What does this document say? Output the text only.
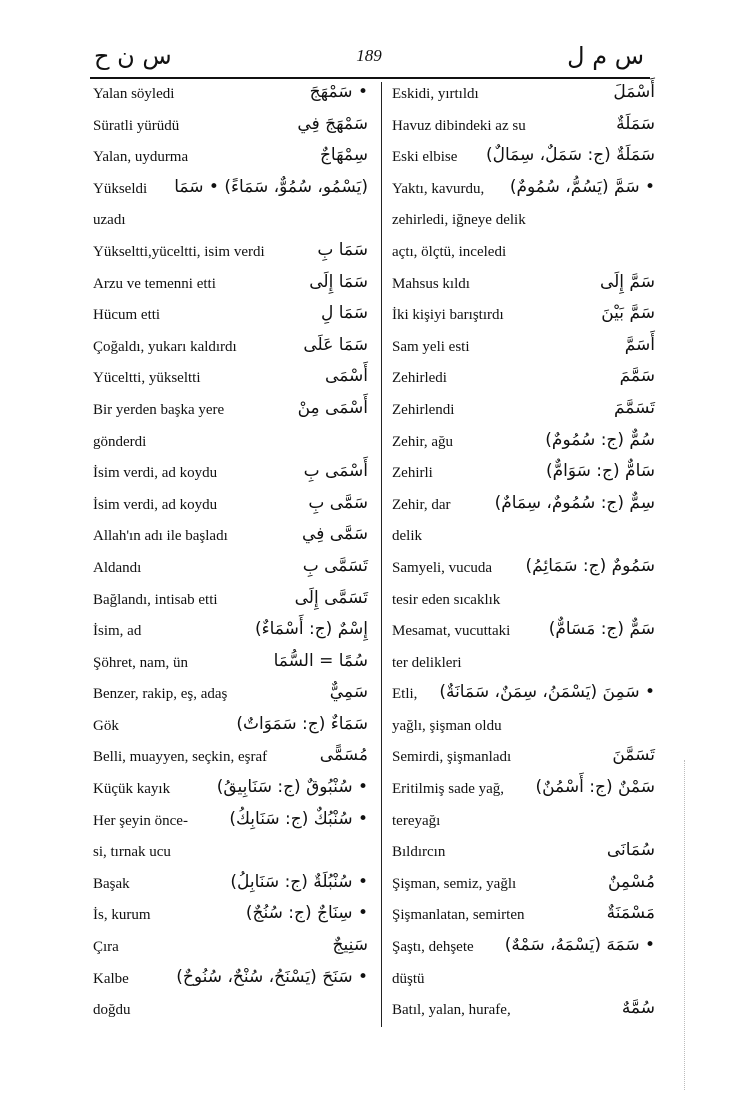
س ن ح	189	س م ل
Yalan söyledi	• سَمْهَجَ
Süratli yürüdü	سَمْهَجَ فِي
Yalan, uydurma	سِمْهَاجٌ
Yükseldi (يَسْمُو، سُمُوٌّ، سَمَاءً) • سَمَا
uzadı
Yükseltti,yüceltti, isim verdi	سَمَا بِ
Arzu ve temenni etti	سَمَا إِلَى
Hücum etti	سَمَا لِ
Çoğaldı, yukarı kaldırdı	سَمَا عَلَى
Yüceltti, yükseltti	أَسْمَى
Bir yerden başka yere	أَسْمَى مِنْ
gönderdi
İsim verdi, ad koydu	أَسْمَى بِ
İsim verdi, ad koydu	سَمَّى بِ
Allah'ın adı ile başladı	سَمَّى فِي
Aldandı	تَسَمَّى بِ
Bağlandı, intisab etti	تَسَمَّى إِلَى
İsim, ad	إِسْمٌ (ج: أَسْمَاءٌ)
Şöhret, nam, ün	سُمًا = السُّمَا
Benzer, rakip, eş, adaş	سَمِيٌّ
Gök	سَمَاءٌ (ج: سَمَوَاتٌ)
Belli, muayyen, seçkin, eşraf	مُسَمًّى
Küçük kayık	• سُنْبُوقٌ (ج: سَنَابِيقُ)
Her şeyin önce- • سُنْبُكٌ (ج: سَنَابِكُ)
si, tırnak ucu
Başak	• سُنْبُلَةٌ (ج: سَنَابِلُ)
İs, kurum	• سِنَاجٌ (ج: سُنُجٌ)
Çıra	سَنِيجٌ
Kalbe	• سَنَحَ (يَسْنَحُ، سُنْحٌ، سُنُوحٌ)
doğdu
Eskidi, yırtıldı	أَسْمَلَ
Havuz dibindeki az su	سَمَلَةٌ
Eski elbise سَمَلَةٌ (ج: سَمَلٌ، سِمَالٌ)
Yaktı, kavurdu, • سَمَّ (يَسُمُّ، سُمُومٌ)
zehirledi, iğneye delik
açtı, ölçtü, inceledi
Mahsus kıldı	سَمَّ إِلَى
İki kişiyi barıştırdı	سَمَّ بَيْنَ
Sam yeli esti	أَسَمَّ
Zehirledi	سَمَّمَ
Zehirlendi	تَسَمَّمَ
Zehir, ağu	سُمٌّ (ج: سُمُومٌ)
Zehirli	سَامٌّ (ج: سَوَامٌّ)
Zehir, dar	سِمٌّ (ج: سُمُومٌ، سِمَامٌ)
delik
Samyeli, vucuda سَمُومٌ (ج: سَمَائِمُ)
tesir eden sıcaklık
Mesamat, vucuttaki سَمٌّ (ج: مَسَامٌّ)
ter delikleri
Etli, • سَمِنَ (يَسْمَنُ، سِمَنٌ، سَمَانَةٌ)
yağlı, şişman oldu
Semirdi, şişmanladı	تَسَمَّنَ
Eritilmiş sade yağ, سَمْنٌ (ج: أَسْمُنٌ)
tereyağı
Bıldırcın	سُمَانَى
Şişman, semiz, yağlı	مُسْمِنٌ
Şişmanlatan, semirten	مَسْمَنَةٌ
Şaştı, dehşete • سَمَهَ (يَسْمَهُ، سَمْهٌ)
düştü
Batıl, yalan, hurafe,	سُمَّهٌ
